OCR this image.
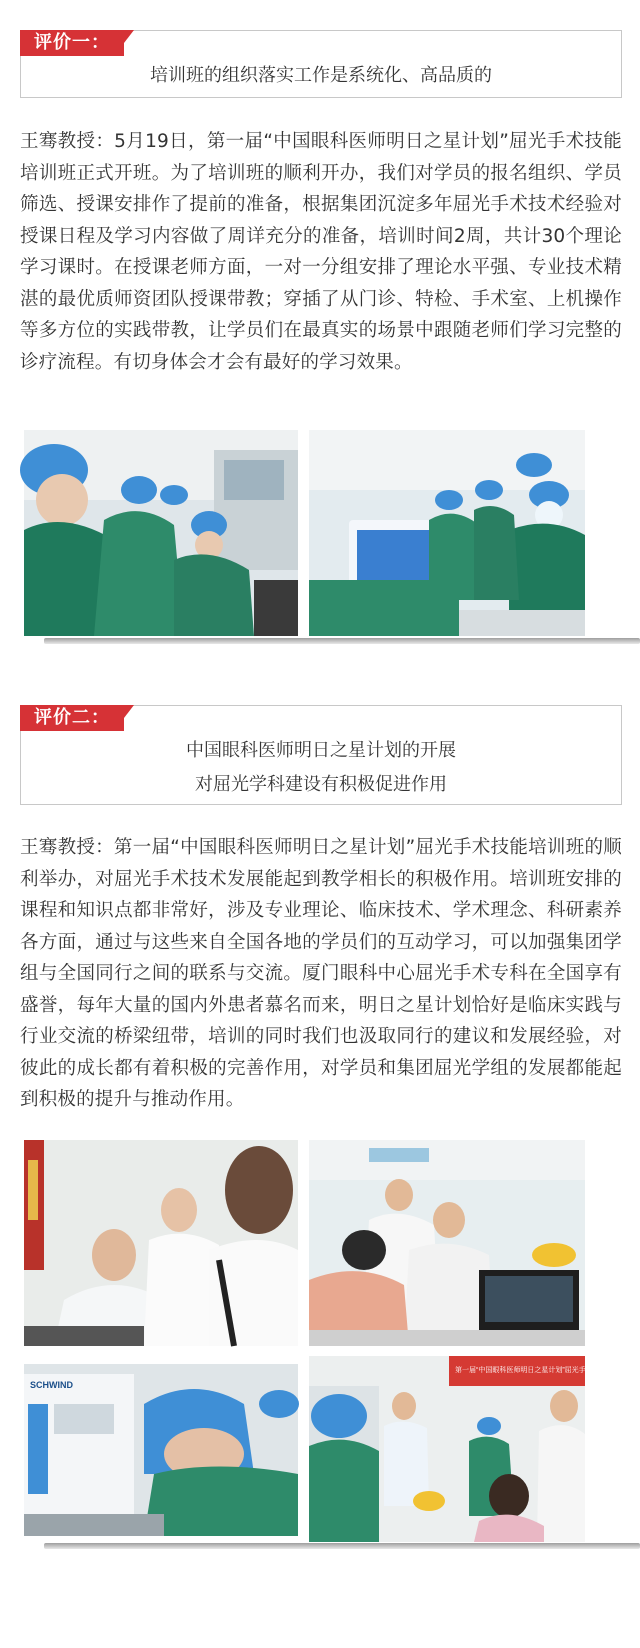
评价一：
培训班的组织落实工作是系统化、高品质的
王骞教授：5月19日，第一届“中国眼科医师明日之星计划”屈光手术技能培训班正式开班。为了培训班的顺利开办，我们对学员的报名组织、学员筛选、授课安排作了提前的准备，根据集团沉淀多年屈光手术技术经验对授课日程及学习内容做了周详充分的准备，培训时间2周，共计30个理论学习课时。在授课老师方面，一对一分组安排了理论水平强、专业技术精湛的最优质师资团队授课带教；穿插了从门诊、特检、手术室、上机操作等多方位的实践带教，让学员们在最真实的场景中跟随老师们学习完整的诊疗流程。有切身体会才会有最好的学习效果。
评价二：
中国眼科医师明日之星计划的开展
对屈光学科建设有积极促进作用
王骞教授：第一届“中国眼科医师明日之星计划”屈光手术技能培训班的顺利举办，对屈光手术技术发展能起到教学相长的积极作用。培训班安排的课程和知识点都非常好，涉及专业理论、临床技术、学术理念、科研素养各方面，通过与这些来自全国各地的学员们的互动学习，可以加强集团学组与全国同行之间的联系与交流。厦门眼科中心屈光手术专科在全国享有盛誉，每年大量的国内外患者慕名而来，明日之星计划恰好是临床实践与行业交流的桥梁纽带，培训的同时我们也汲取同行的建议和发展经验，对彼此的成长都有着积极的完善作用，对学员和集团屈光学组的发展都能起到积极的提升与推动作用。
SCHWIND
第一届“中国眼科医师明日之星计划”屈光手术技术培训
